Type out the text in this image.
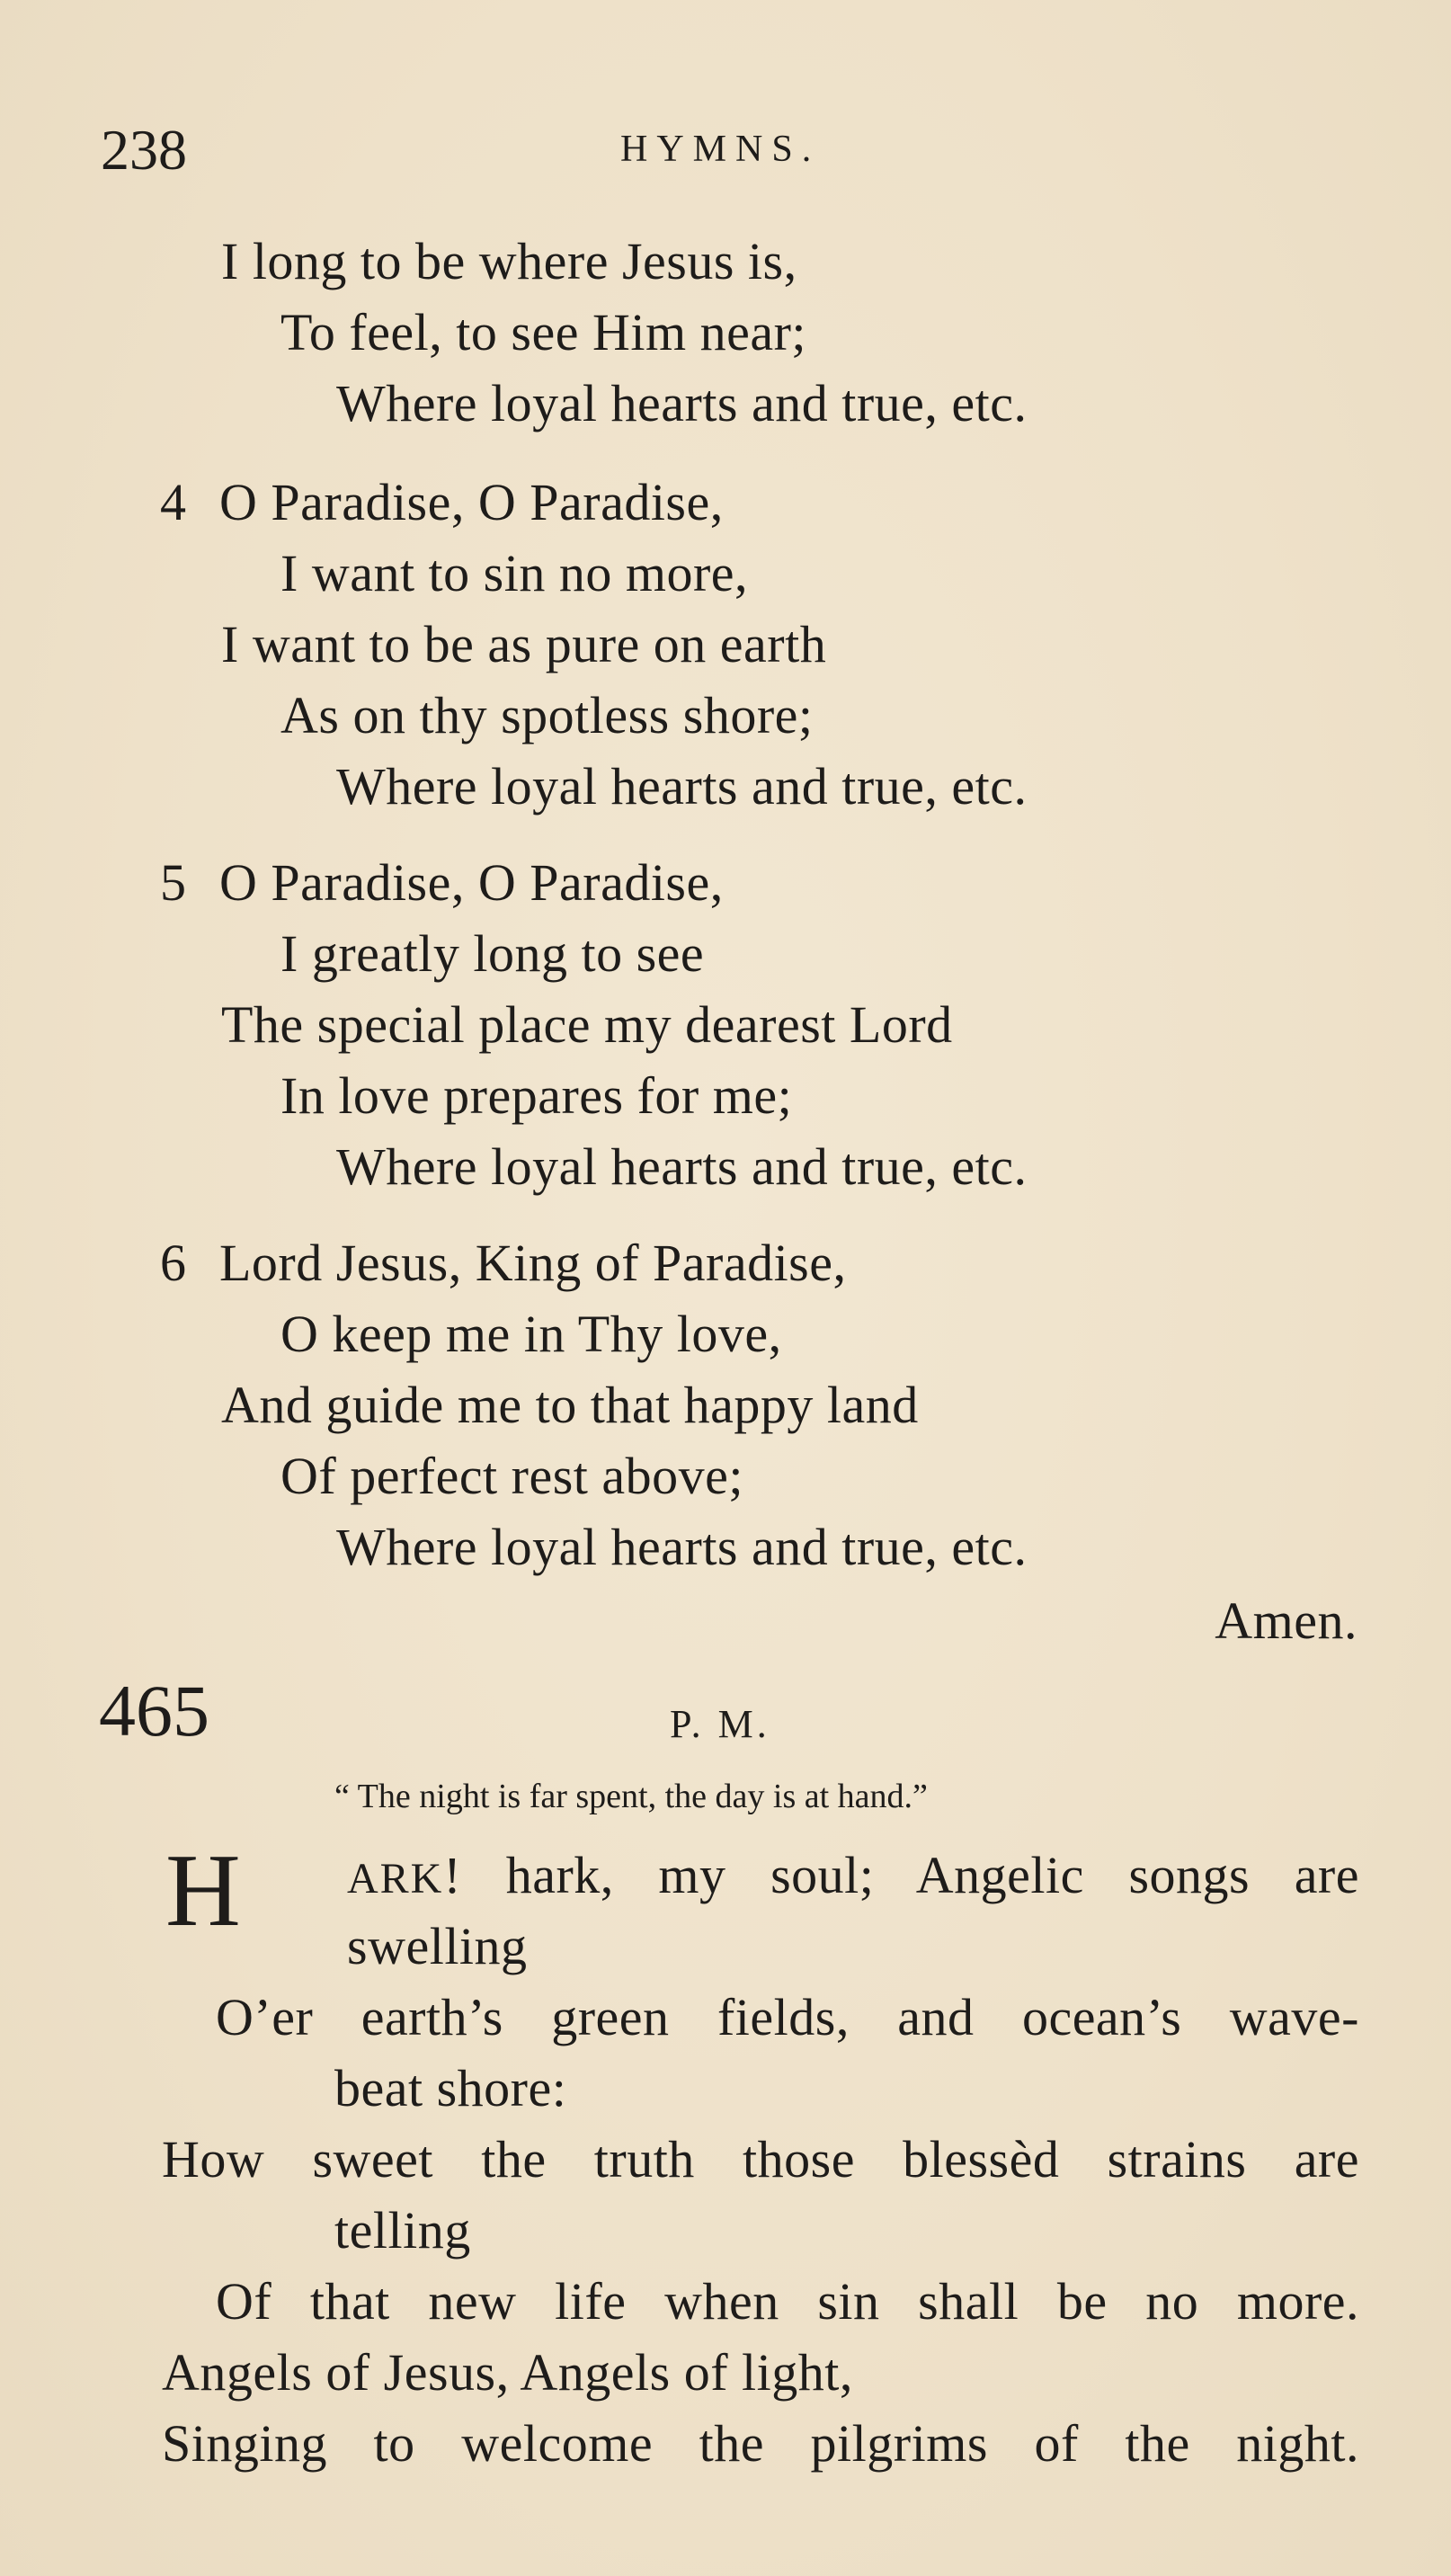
238	HYMNS.
I long to be where Jesus is,
To feel, to see Him near;
Where loyal hearts and true, etc.
4 O Paradise, O Paradise,
I want to sin no more,
I want to be as pure on earth
As on thy spotless shore;
Where loyal hearts and true, etc.
5 O Paradise, O Paradise,
I greatly long to see
The special place my dearest Lord
In love prepares for me;
Where loyal hearts and true, etc.
6 Lord Jesus, King of Paradise,
O keep me in Thy love,
And guide me to that happy land
Of perfect rest above;
Where loyal hearts and true, etc.
Amen.
465	P. M.
“ The night is far spent, the day is at hand.”
H ARK! hark, my soul; Angelic songs are
swelling
O’er earth’s green fields, and ocean’s wave-
beat shore:
How sweet the truth those blessèd strains are
telling
Of that new life when sin shall be no more.
Angels of Jesus, Angels of light,
Singing to welcome the pilgrims of the night.
